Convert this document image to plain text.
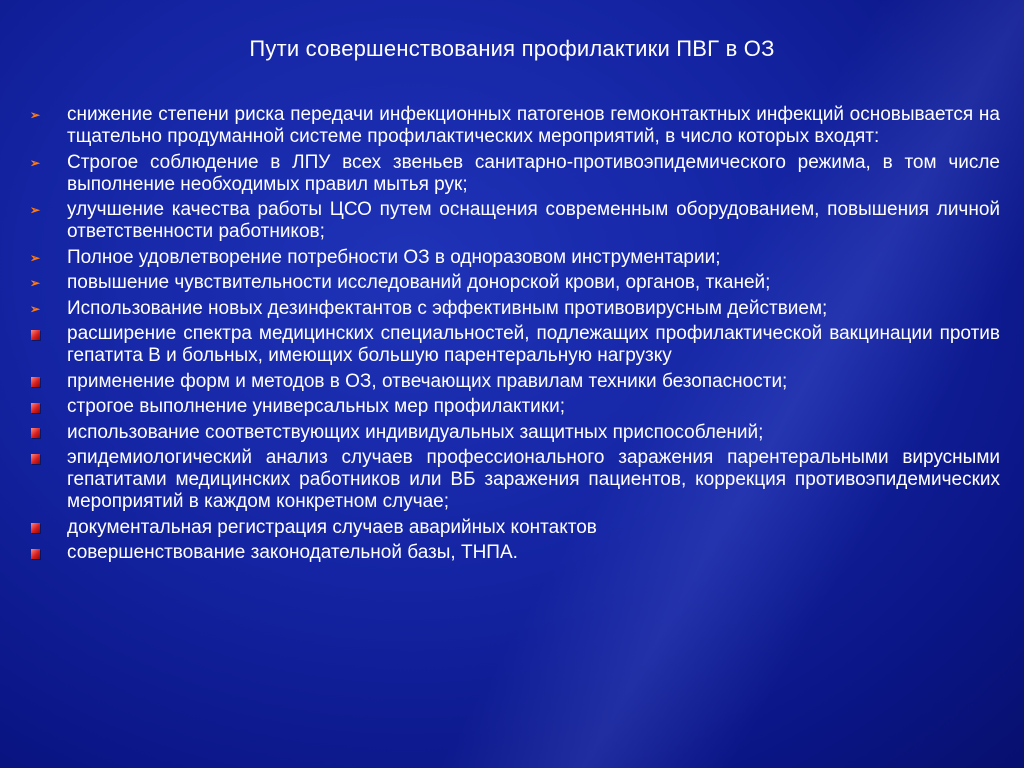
Пути совершенствования профилактики ПВГ в ОЗ
➢	снижение степени риска передачи инфекционных патогенов гемоконтактных инфекций основывается на тщательно продуманной системе профилактических мероприятий, в число которых входят:
➢	Строгое соблюдение в ЛПУ всех звеньев санитарно-противоэпидемического режима, в том числе выполнение необходимых правил мытья рук;
➢	улучшение качества работы ЦСО путем оснащения современным оборудованием, повышения личной ответственности работников;
➢	Полное удовлетворение потребности ОЗ в одноразовом инструментарии;
➢	повышение чувствительности исследований донорской крови, органов, тканей;
➢	Использование новых дезинфектантов с эффективным противовирусным действием;
расширение спектра медицинских специальностей, подлежащих профилактической вакцинации против гепатита В и больных, имеющих большую парентеральную нагрузку
применение форм и методов в ОЗ, отвечающих правилам техники безопасности;
строгое выполнение универсальных мер профилактики;
использование соответствующих индивидуальных защитных приспособлений;
эпидемиологический анализ случаев профессионального заражения парентеральными вирусными гепатитами медицинских работников или ВБ заражения пациентов, коррекция противоэпидемических мероприятий в каждом конкретном случае;
документальная регистрация случаев аварийных контактов
совершенствование законодательной базы, ТНПА.
